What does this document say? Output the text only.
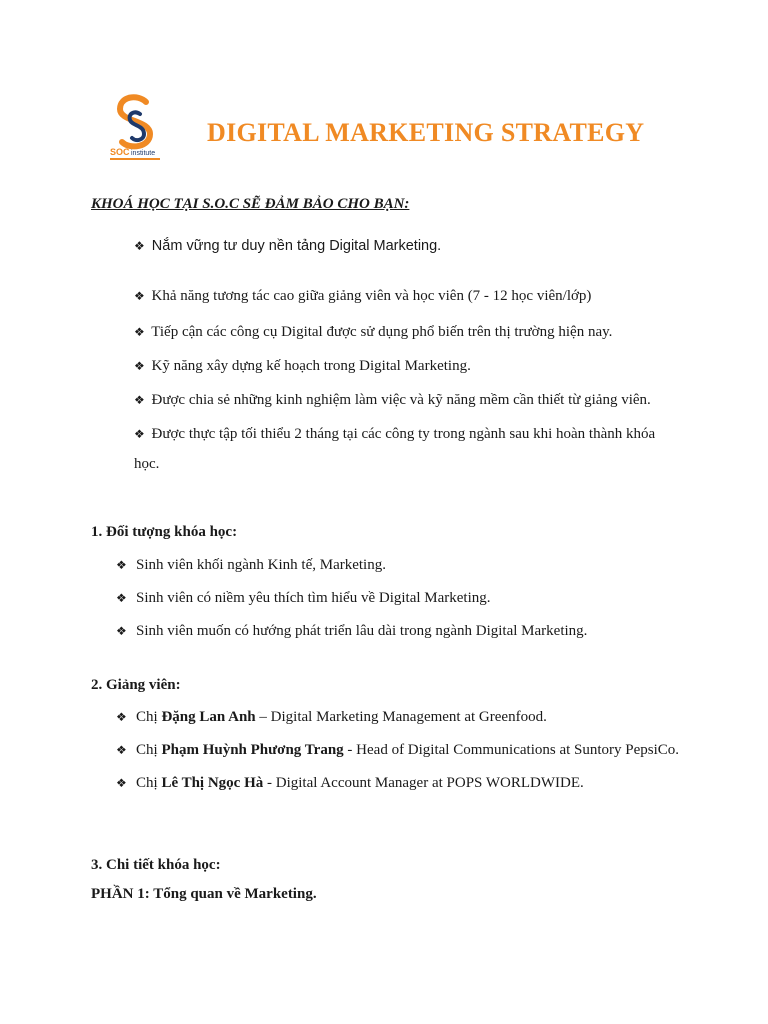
SOC institute
DIGITAL MARKETING STRATEGY
KHOÁ HỌC TẠI S.O.C SẼ ĐẢM BẢO CHO BẠN:
❖ Nắm vững tư duy nền tảng Digital Marketing.
❖ Khả năng tương tác cao giữa giảng viên và học viên (7 - 12 học viên/lớp)
❖ Tiếp cận các công cụ Digital được sử dụng phổ biến trên thị trường hiện nay.
❖ Kỹ năng xây dựng kế hoạch trong Digital Marketing.
❖ Được chia sẻ những kinh nghiệm làm việc và kỹ năng mềm cần thiết từ giảng viên.
❖ Được thực tập tối thiểu 2 tháng tại các công ty trong ngành sau khi hoàn thành khóa học.
1. Đối tượng khóa học:
❖ Sinh viên khối ngành Kinh tế, Marketing.
❖ Sinh viên có niềm yêu thích tìm hiểu về Digital Marketing.
❖ Sinh viên muốn có hướng phát triển lâu dài trong ngành Digital Marketing.
2. Giảng viên:
❖ Chị Đặng Lan Anh – Digital Marketing Management at Greenfood.
❖ Chị Phạm Huỳnh Phương Trang - Head of Digital Communications at Suntory PepsiCo.
❖ Chị Lê Thị Ngọc Hà - Digital Account Manager at POPS WORLDWIDE.
3. Chi tiết khóa học:
PHẦN 1: Tổng quan về Marketing.
